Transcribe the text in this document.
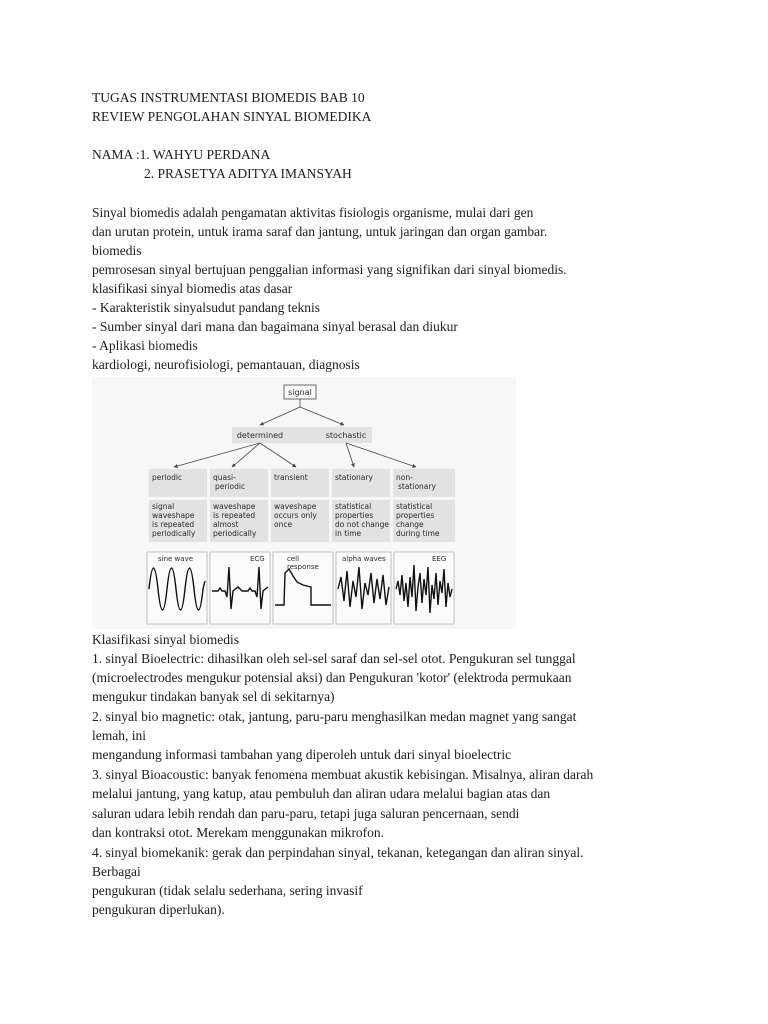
TUGAS INSTRUMENTASI BIOMEDIS BAB 10
REVIEW PENGOLAHAN SINYAL BIOMEDIKA
NAMA :1. WAHYU PERDANA
2. PRASETYA ADITYA IMANSYAH
Sinyal biomedis adalah pengamatan aktivitas fisiologis organisme, mulai dari gen
dan urutan protein, untuk irama saraf dan jantung, untuk jaringan dan organ gambar.
biomedis
pemrosesan sinyal bertujuan penggalian informasi yang signifikan dari sinyal biomedis.
klasifikasi sinyal biomedis atas dasar
- Karakteristik sinyalsudut pandang teknis
- Sumber sinyal dari mana dan bagaimana sinyal berasal dan diukur
- Aplikasi biomedis
kardiologi, neurofisiologi, pemantauan, diagnosis
signal
determined	stochastic
periodic	quasi-
periodic
transient	stationary	non-
stationary
signal
waveshape
is repeated
periodically
waveshape
is repeated
almost
periodically
waveshape
occurs only
once
statistical
properties
do not change
in time
statistical
properties
change
during time
sine wave	ECG	cell
response
alpha waves	EEG
Klasifikasi sinyal biomedis
1. sinyal Bioelectric: dihasilkan oleh sel-sel saraf dan sel-sel otot. Pengukuran sel tunggal
(microelectrodes mengukur potensial aksi) dan Pengukuran 'kotor' (elektroda permukaan
mengukur tindakan banyak sel di sekitarnya)
2. sinyal bio magnetic: otak, jantung, paru-paru menghasilkan medan magnet yang sangat
lemah, ini
mengandung informasi tambahan yang diperoleh untuk dari sinyal bioelectric
3. sinyal Bioacoustic: banyak fenomena membuat akustik kebisingan. Misalnya, aliran darah
melalui jantung, yang katup, atau pembuluh dan aliran udara melalui bagian atas dan
saluran udara lebih rendah dan paru-paru, tetapi juga saluran pencernaan, sendi
dan kontraksi otot. Merekam menggunakan mikrofon.
4. sinyal biomekanik: gerak dan perpindahan sinyal, tekanan, ketegangan dan aliran sinyal.
Berbagai
pengukuran (tidak selalu sederhana, sering invasif
pengukuran diperlukan).
